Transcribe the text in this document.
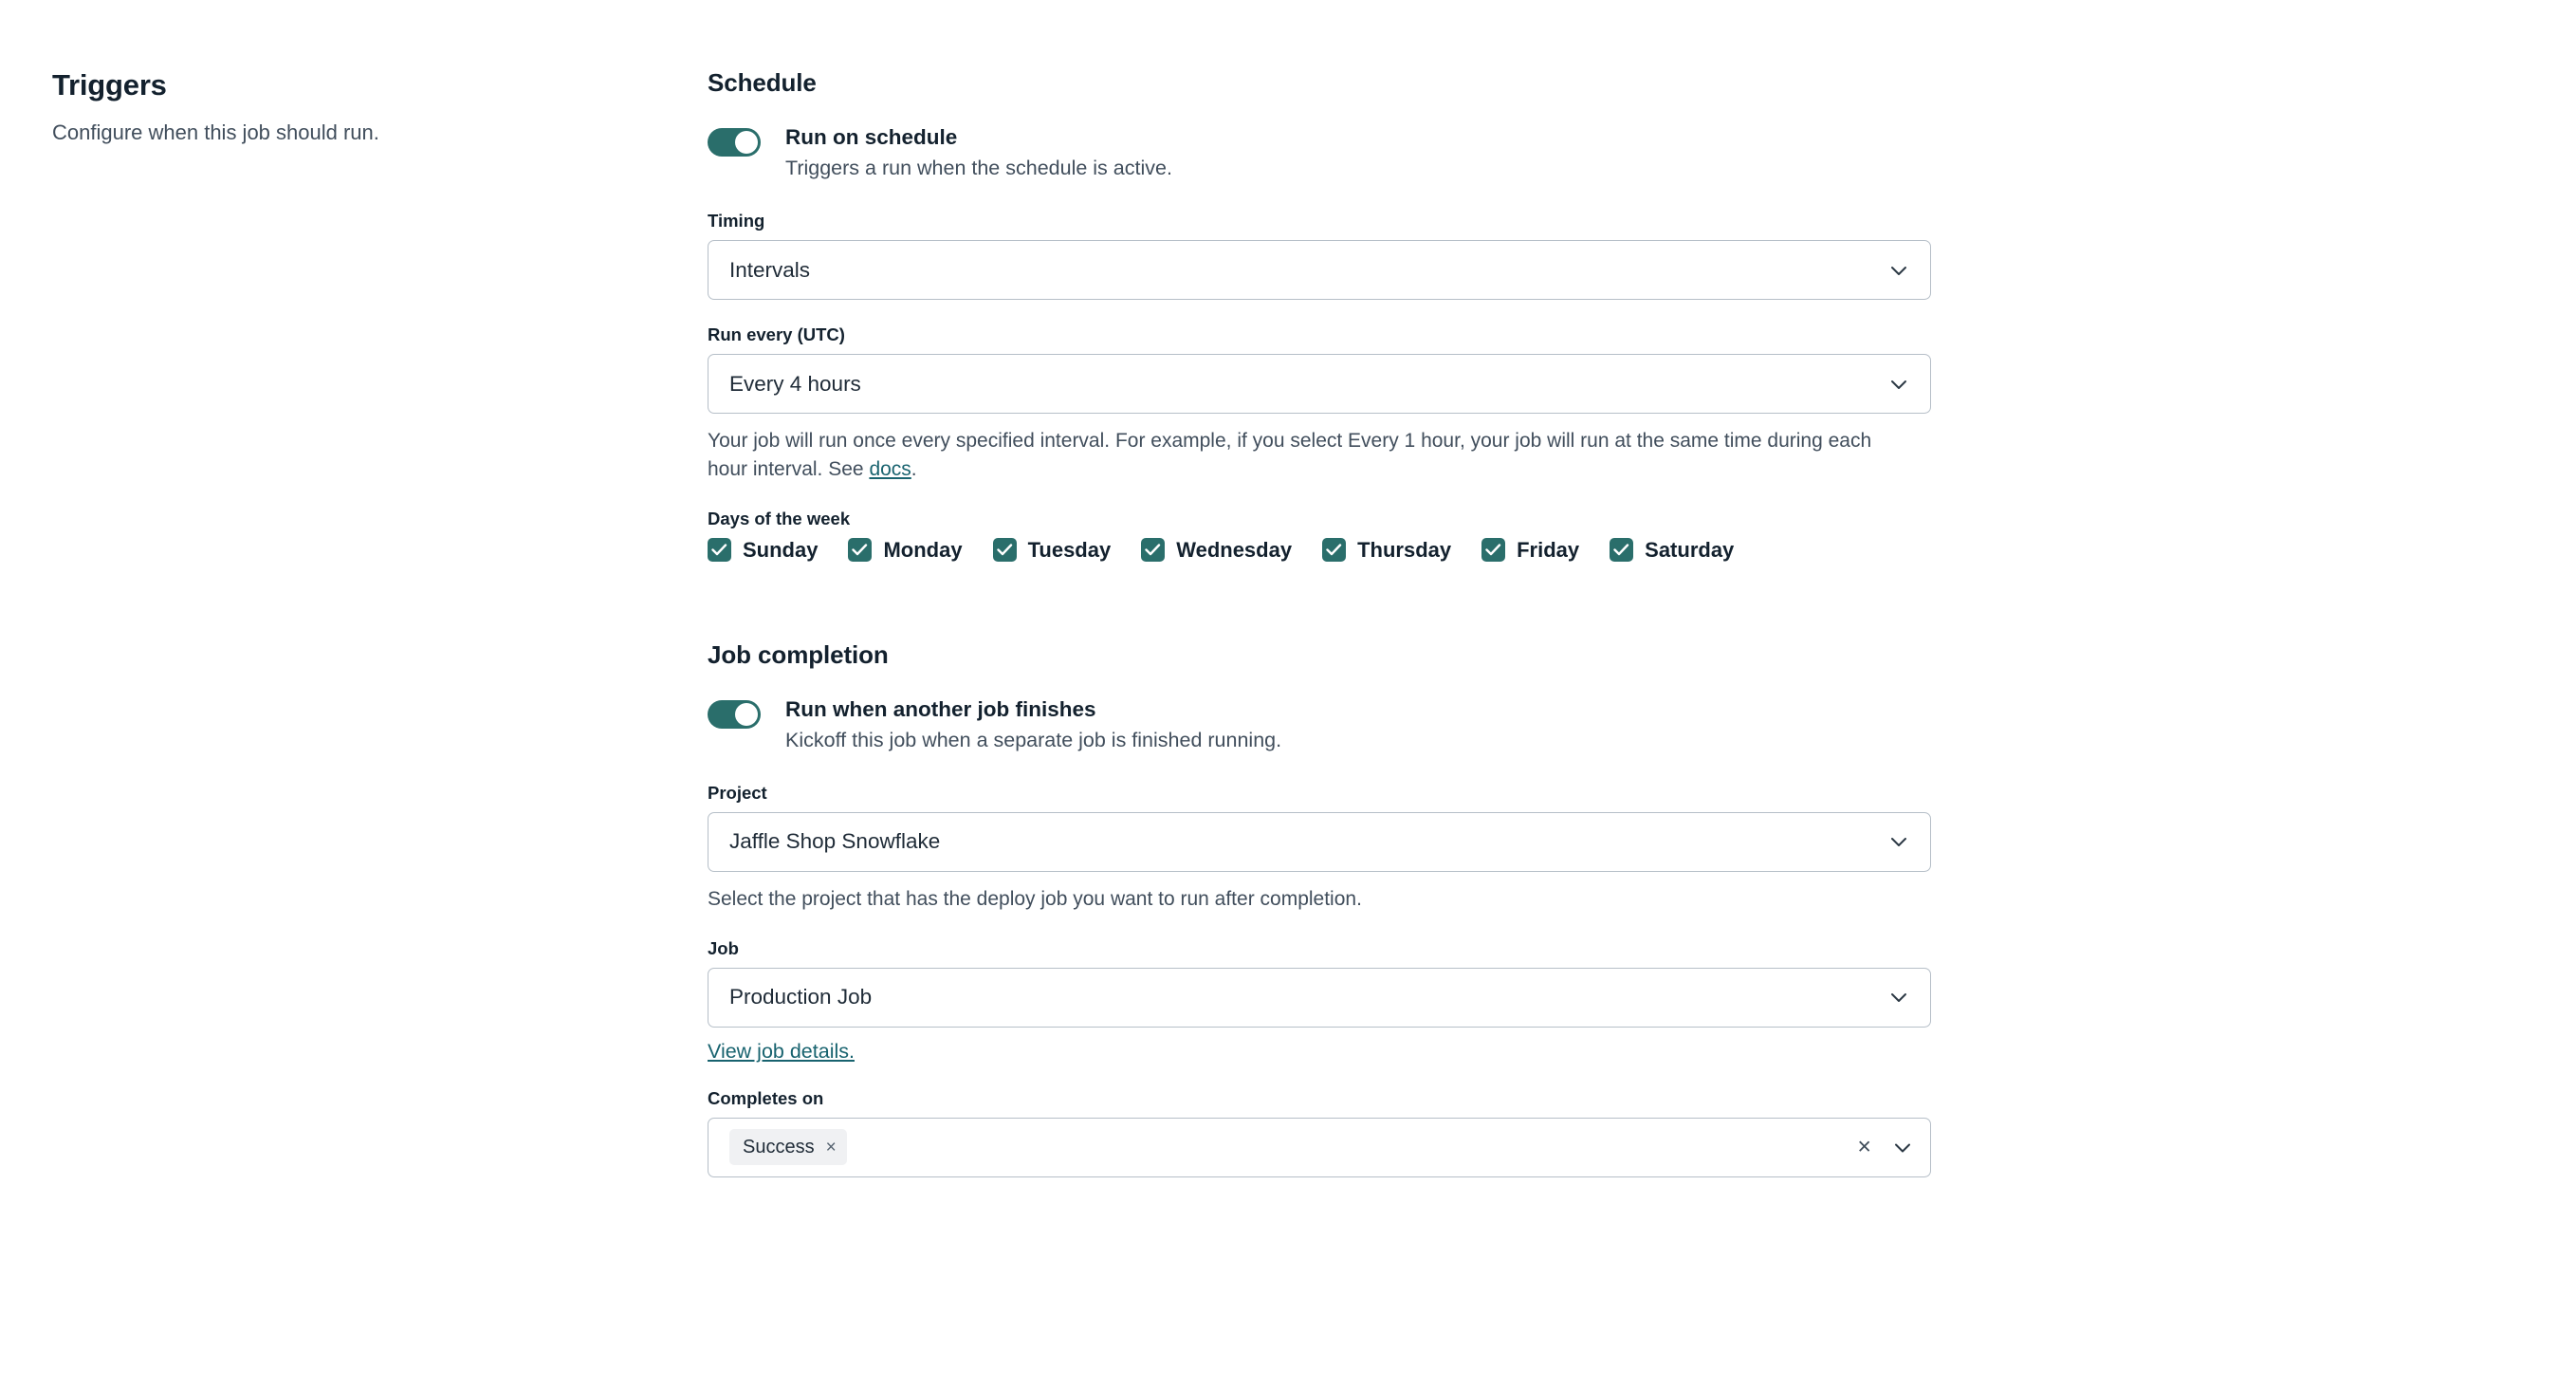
Triggers

Configure when this job should run.

Schedule

Run on schedule

Triggers a run when the schedule is active.

Timing

Intervals

Run every (UTC)

Every 4 hours

Your job will run once every specified interval. For example, if you select Every 1 hour, your job will run at the same time during each hour interval. See docs.

Days of the week

Sunday	Monday	Tuesday	Wednesday	Thursday	Friday	Saturday
Job completion

Run when another job finishes

Kickoff this job when a separate job is finished running.

Project

Jaffle Shop Snowflake

Select the project that has the deploy job you want to run after completion.

Job

Production Job
View job details.

Completes on

Success ×	×
